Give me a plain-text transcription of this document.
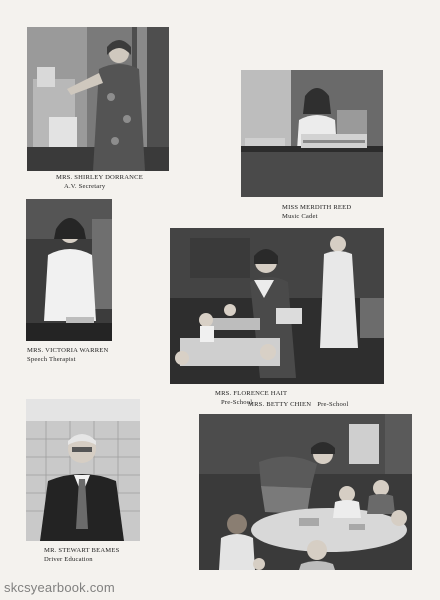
MRS. SHIRLEY DORRANCE
A.V. Secretary
MISS MERDITH REED
Music Cadet
MRS. VICTORIA WARREN
Speech Therapist
MRS. FLORENCE HAIT
Pre-School
MRS. BETTY CHIEN Pre-School
MR. STEWART BEAMES
Driver Education
skcsyearbook.com
